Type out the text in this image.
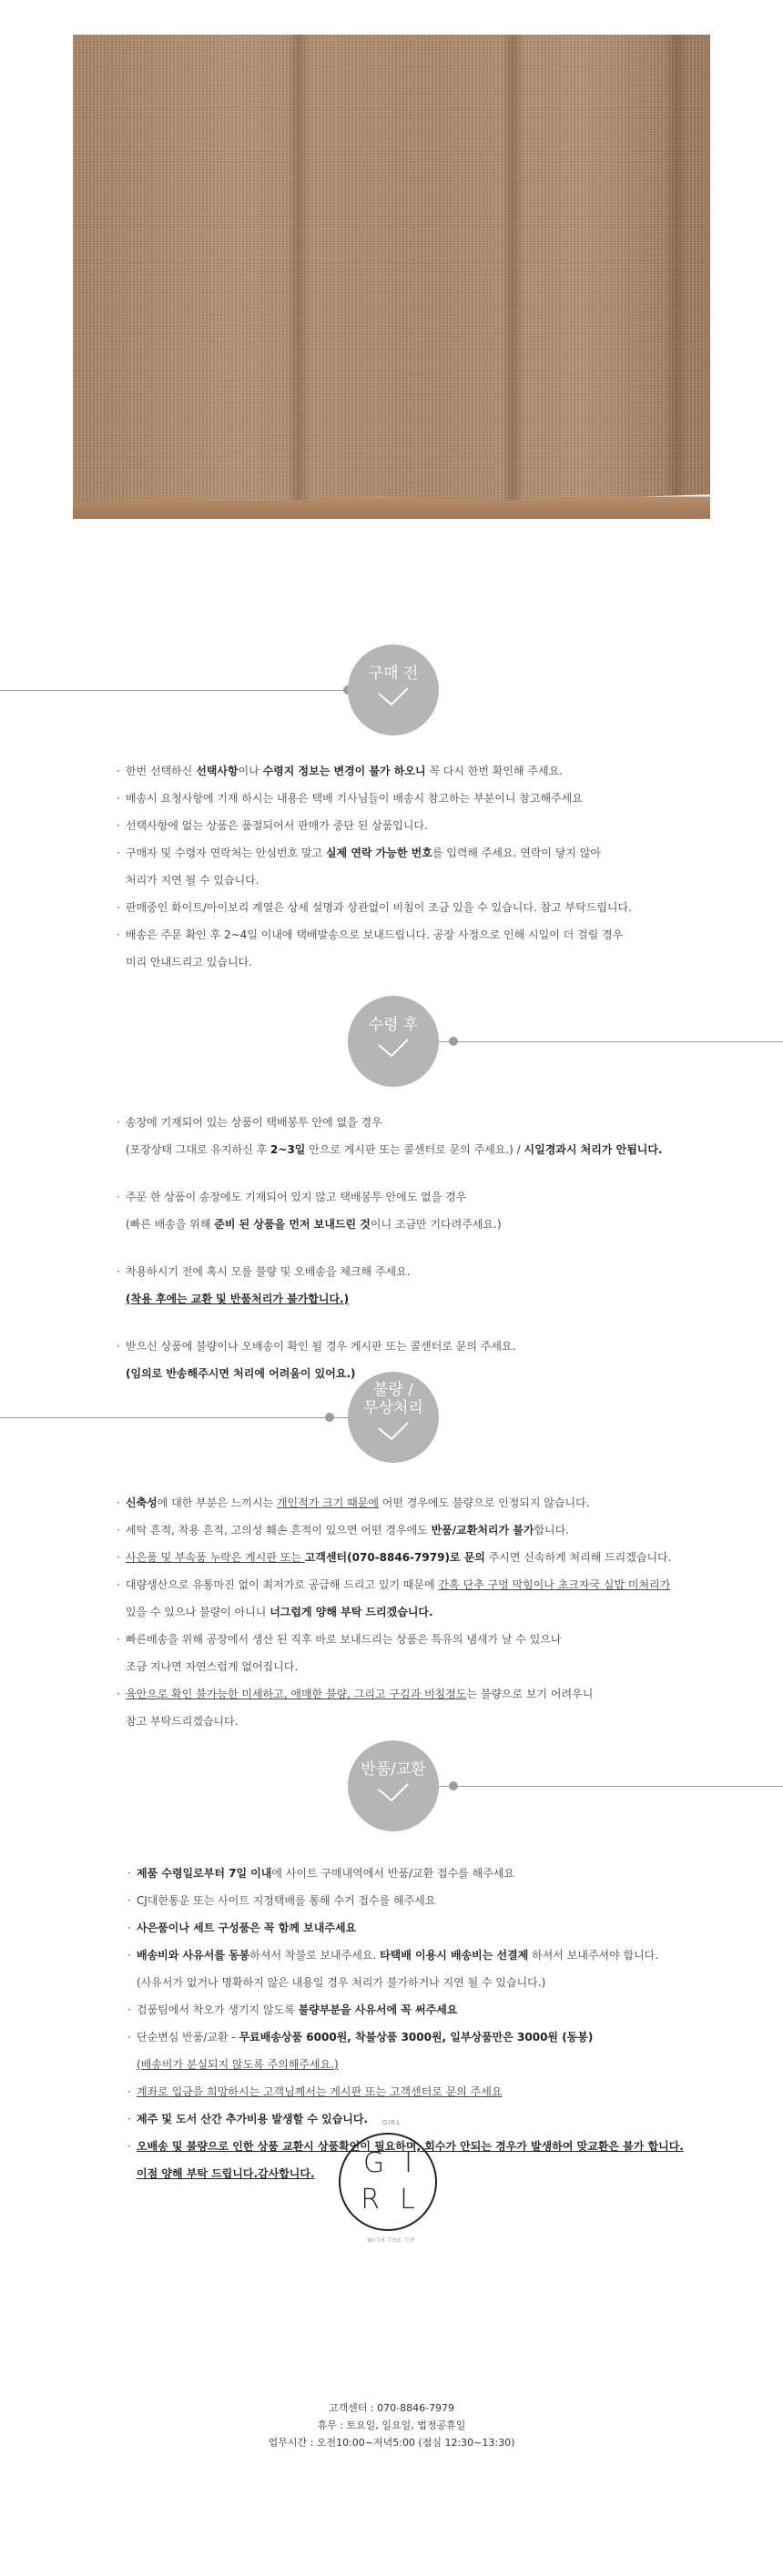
구매 전
· 한번 선택하신 선택사항이나 수령지 정보는 변경이 불가 하오니 꼭 다시 한번 확인해 주세요.
· 배송시 요청사항에 기재 하시는 내용은 택배 기사님들이 배송시 참고하는 부분이니 참고해주세요
· 선택사항에 없는 상품은 품절되어서 판매가 중단 된 상품입니다.
· 구매자 및 수령자 연락처는 안심번호 말고 실제 연락 가능한 번호를 입력해 주세요. 연락이 닿지 않아
처리가 지연 될 수 있습니다.
· 판매중인 화이트/아이보리 계열은 상세 설명과 상관없이 비침이 조금 있을 수 있습니다. 참고 부탁드립니다.
· 배송은 주문 확인 후 2~4일 이내에 택배발송으로 보내드립니다. 공장 사정으로 인해 시일이 더 걸릴 경우
미리 안내드리고 있습니다.
수령 후
· 송장에 기재되어 있는 상품이 택배봉투 안에 없을 경우
(포장상태 그대로 유지하신 후 2~3일 안으로 게시판 또는 콜센터로 문의 주세요.) / 시일경과시 처리가 안됩니다.
· 주문 한 상품이 송장에도 기재되어 있지 않고 택배봉투 안에도 없을 경우
(빠른 배송을 위해 준비 된 상품을 먼저 보내드린 것이니 조금만 기다려주세요.)
· 착용하시기 전에 혹시 모를 불량 및 오배송을 체크해 주세요.
(착용 후에는 교환 및 반품처리가 불가합니다.)
· 받으신 상품에 불량이나 오배송이 확인 될 경우 게시판 또는 콜센터로 문의 주세요.
(임의로 반송해주시면 처리에 어려움이 있어요.)
불량 /
무상처리
· 신축성에 대한 부분은 느끼시는 개인적가 크기 때문에 어떤 경우에도 불량으로 인정되지 않습니다.
· 세탁 흔적, 착용 흔적, 고의성 훼손 흔적이 있으면 어떤 경우에도 반품/교환처리가 불가합니다.
· 사은품 및 부속품 누락은 게시판 또는 고객센터(070-8846-7979)로 문의 주시면 신속하게 처리해 드리겠습니다.
· 대량생산으로 유통마진 없이 최저가로 공급해 드리고 있기 때문에 간혹 단추 구멍 막힘이나 초크자국 실밥 미처리가
있을 수 있으나 불량이 아니니 너그럽게 양해 부탁 드리겠습니다.
· 빠른배송을 위해 공장에서 생산 된 직후 바로 보내드리는 상품은 특유의 냄새가 날 수 있으나
조금 지나면 자연스럽게 없어집니다.
· 육안으로 확인 불가능한 미세하고, 애매한 불량, 그리고 구김과 비침정도는 불량으로 보기 어려우니
참고 부탁드리겠습니다.
반품/교환
· 제품 수령일로부터 7일 이내에 사이트 구매내역에서 반품/교환 접수를 해주세요
· CJ대한통운 또는 사이트 지정택배를 통해 수거 접수를 해주세요
· 사은품이나 세트 구성품은 꼭 함께 보내주세요
· 배송비와 사유서를 동봉하셔서 착불로 보내주세요. 타택배 이용시 배송비는 선결제 하셔서 보내주셔야 합니다.
(사유서가 없거나 명확하지 않은 내용일 경우 처리가 불가하거나 지연 될 수 있습니다.)
· 검품팀에서 착오가 생기지 않도록 불량부분을 사유서에 꼭 써주세요
· 단순변심 반품/교환 - 무료배송상품 6000원, 착불상품 3000원, 일부상품만은 3000원 (동봉)
(배송비가 분실되지 않도록 주의해주세요.)
· 계좌로 입금을 희망하시는 고객님께서는 게시판 또는 고객센터로 문의 주세요
· 제주 및 도서 산간 추가비용 발생할 수 있습니다.
· 오배송 및 불량으로 인한 상품 교환시 상품확인이 필요하며, 회수가 안되는 경우가 발생하여 맞교환은 불가 합니다.
이점 양해 부탁 드립니다.감사합니다.
GIRL
GI
RL
WITH THE TIP
고객센터 : 070-8846-7979
휴무 : 토요일, 일요일, 법정공휴일
업무시간 : 오전10:00~저녁5:00 (점심 12:30~13:30)
